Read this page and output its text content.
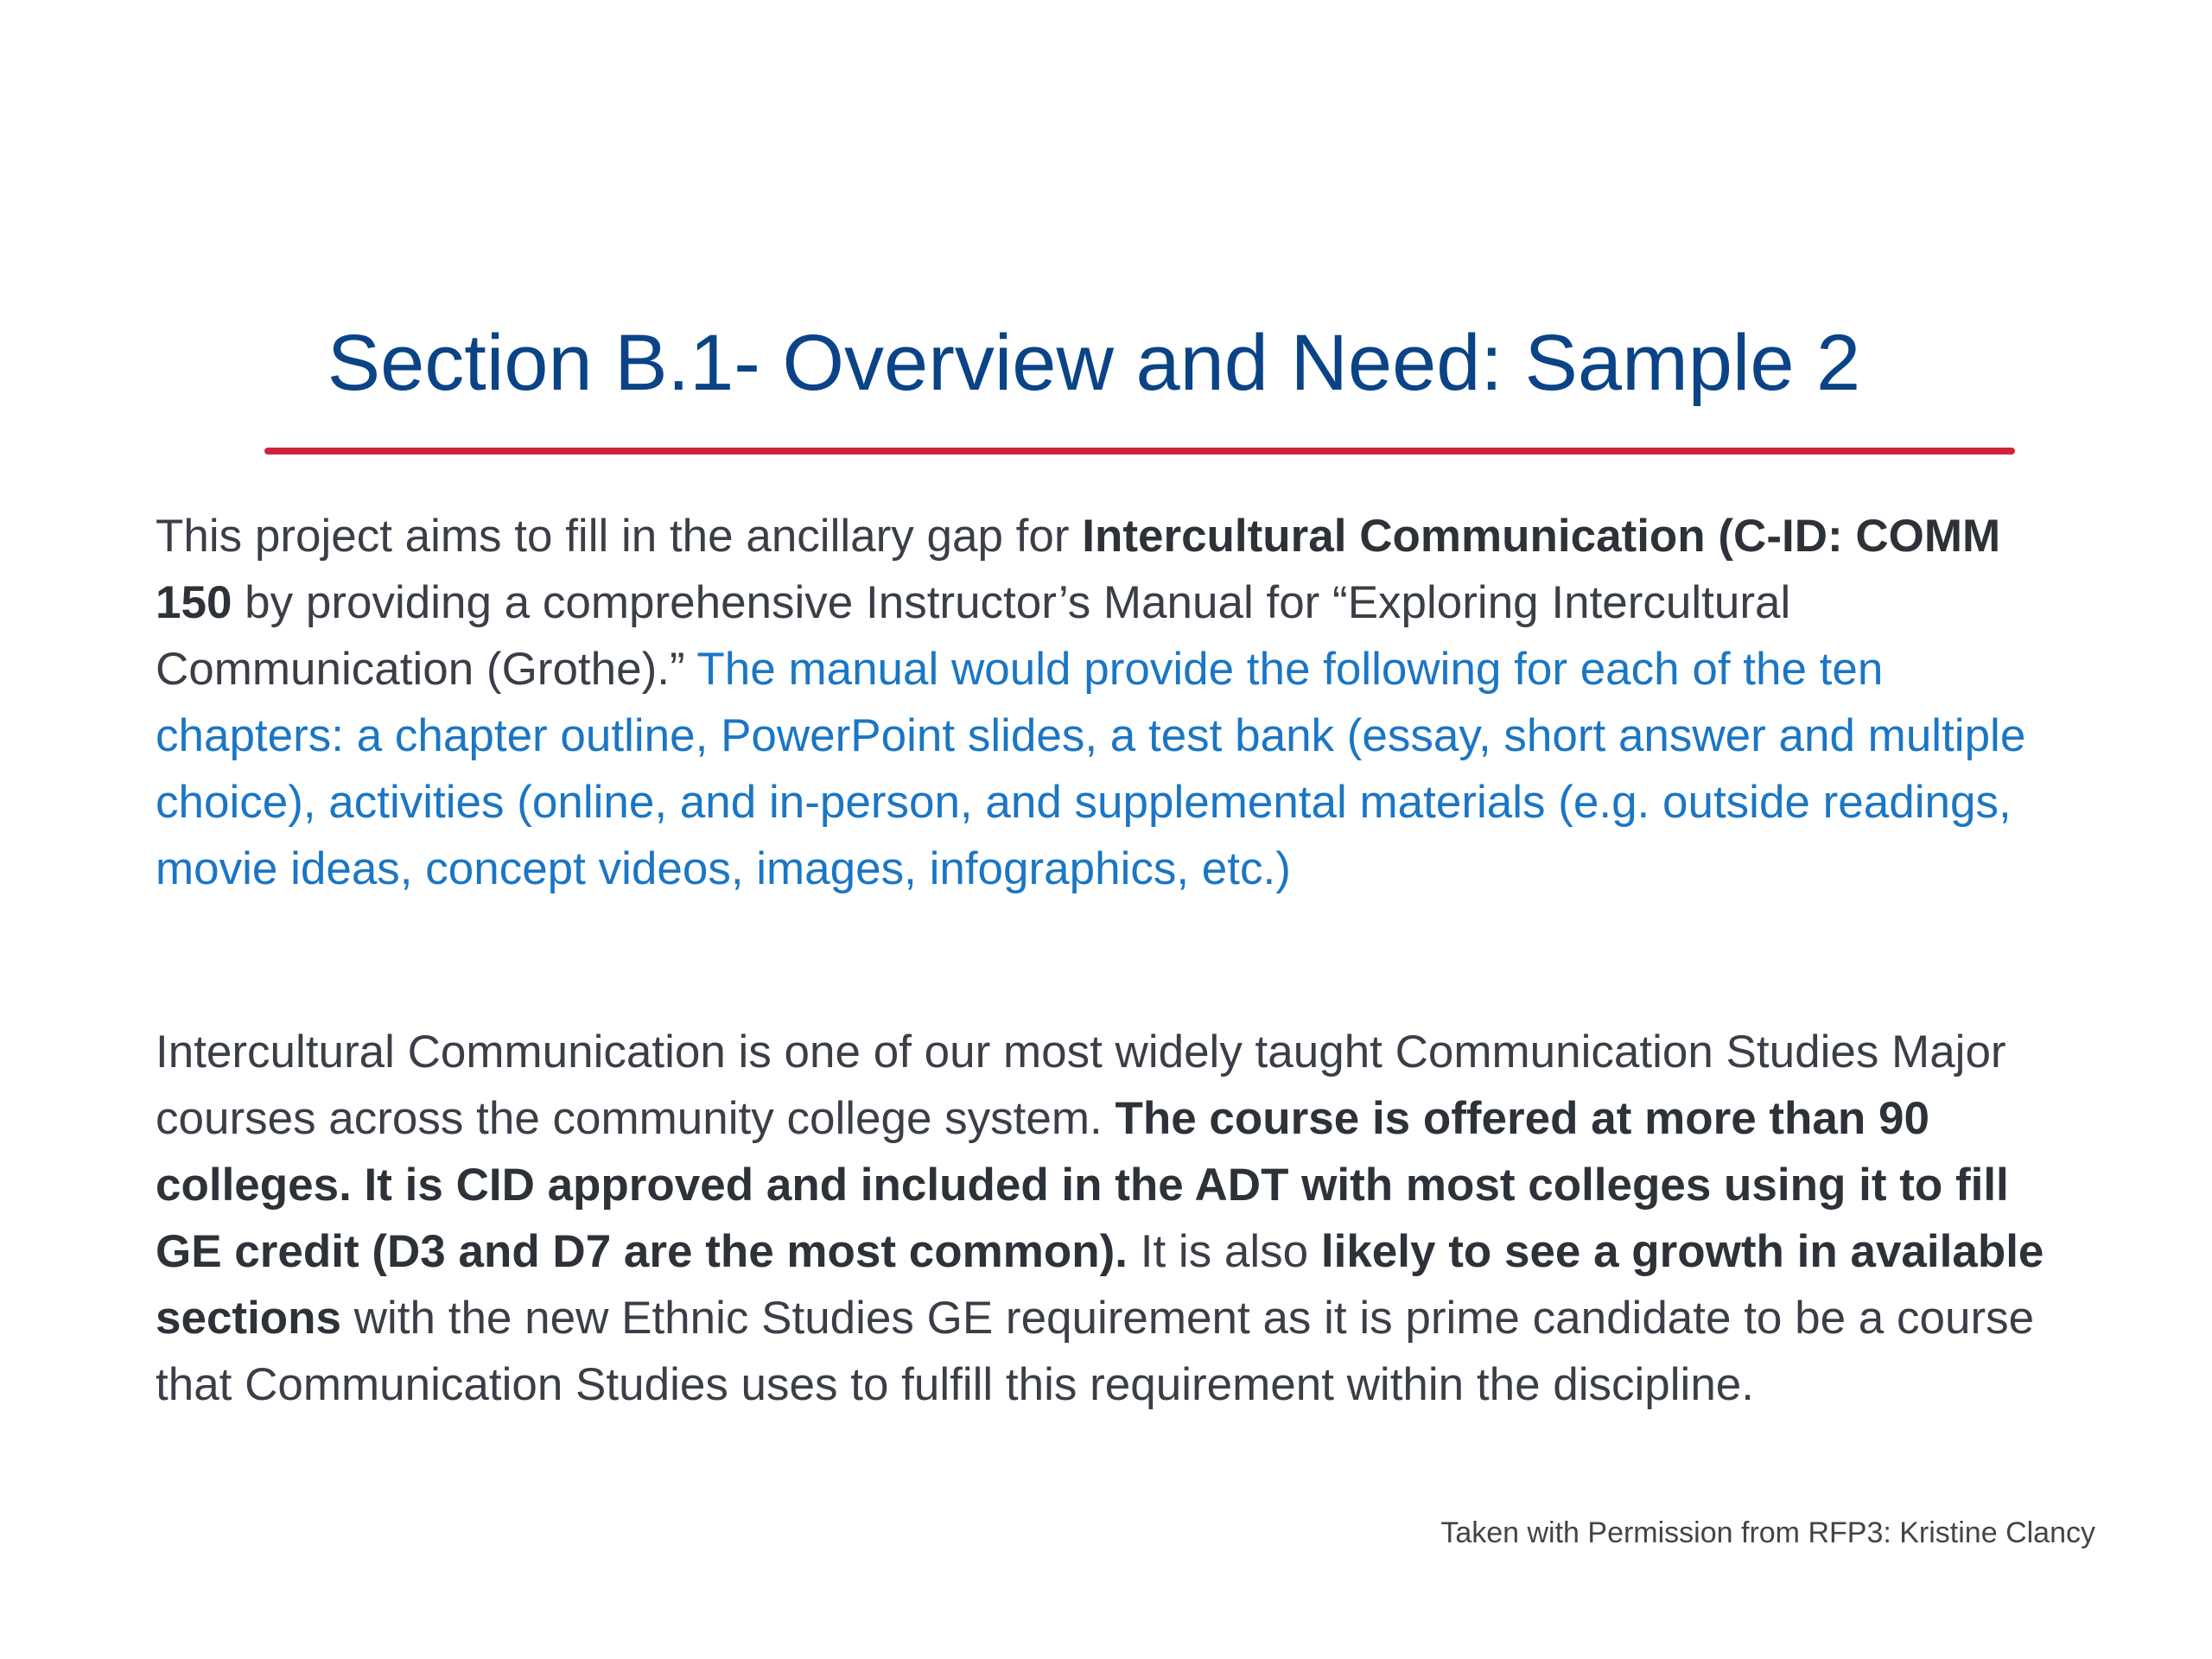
Section B.1- Overview and Need: Sample 2

This project aims to fill in the ancillary gap for Intercultural Communication (C-ID: COMM 150 by providing a comprehensive Instructor’s Manual for “Exploring Intercultural Communication (Grothe).” The manual would provide the following for each of the ten chapters: a chapter outline, PowerPoint slides, a test bank (essay, short answer and multiple choice), activities (online, and in-person, and supplemental materials (e.g. outside readings, movie ideas, concept videos, images, infographics, etc.)

Intercultural Communication is one of our most widely taught Communication Studies Major courses across the community college system. The course is offered at more than 90 colleges. It is CID approved and included in the ADT with most colleges using it to fill GE credit (D3 and D7 are the most common). It is also likely to see a growth in available sections with the new Ethnic Studies GE requirement as it is prime candidate to be a course that Communication Studies uses to fulfill this requirement within the discipline.

Taken with Permission from RFP3: Kristine Clancy
